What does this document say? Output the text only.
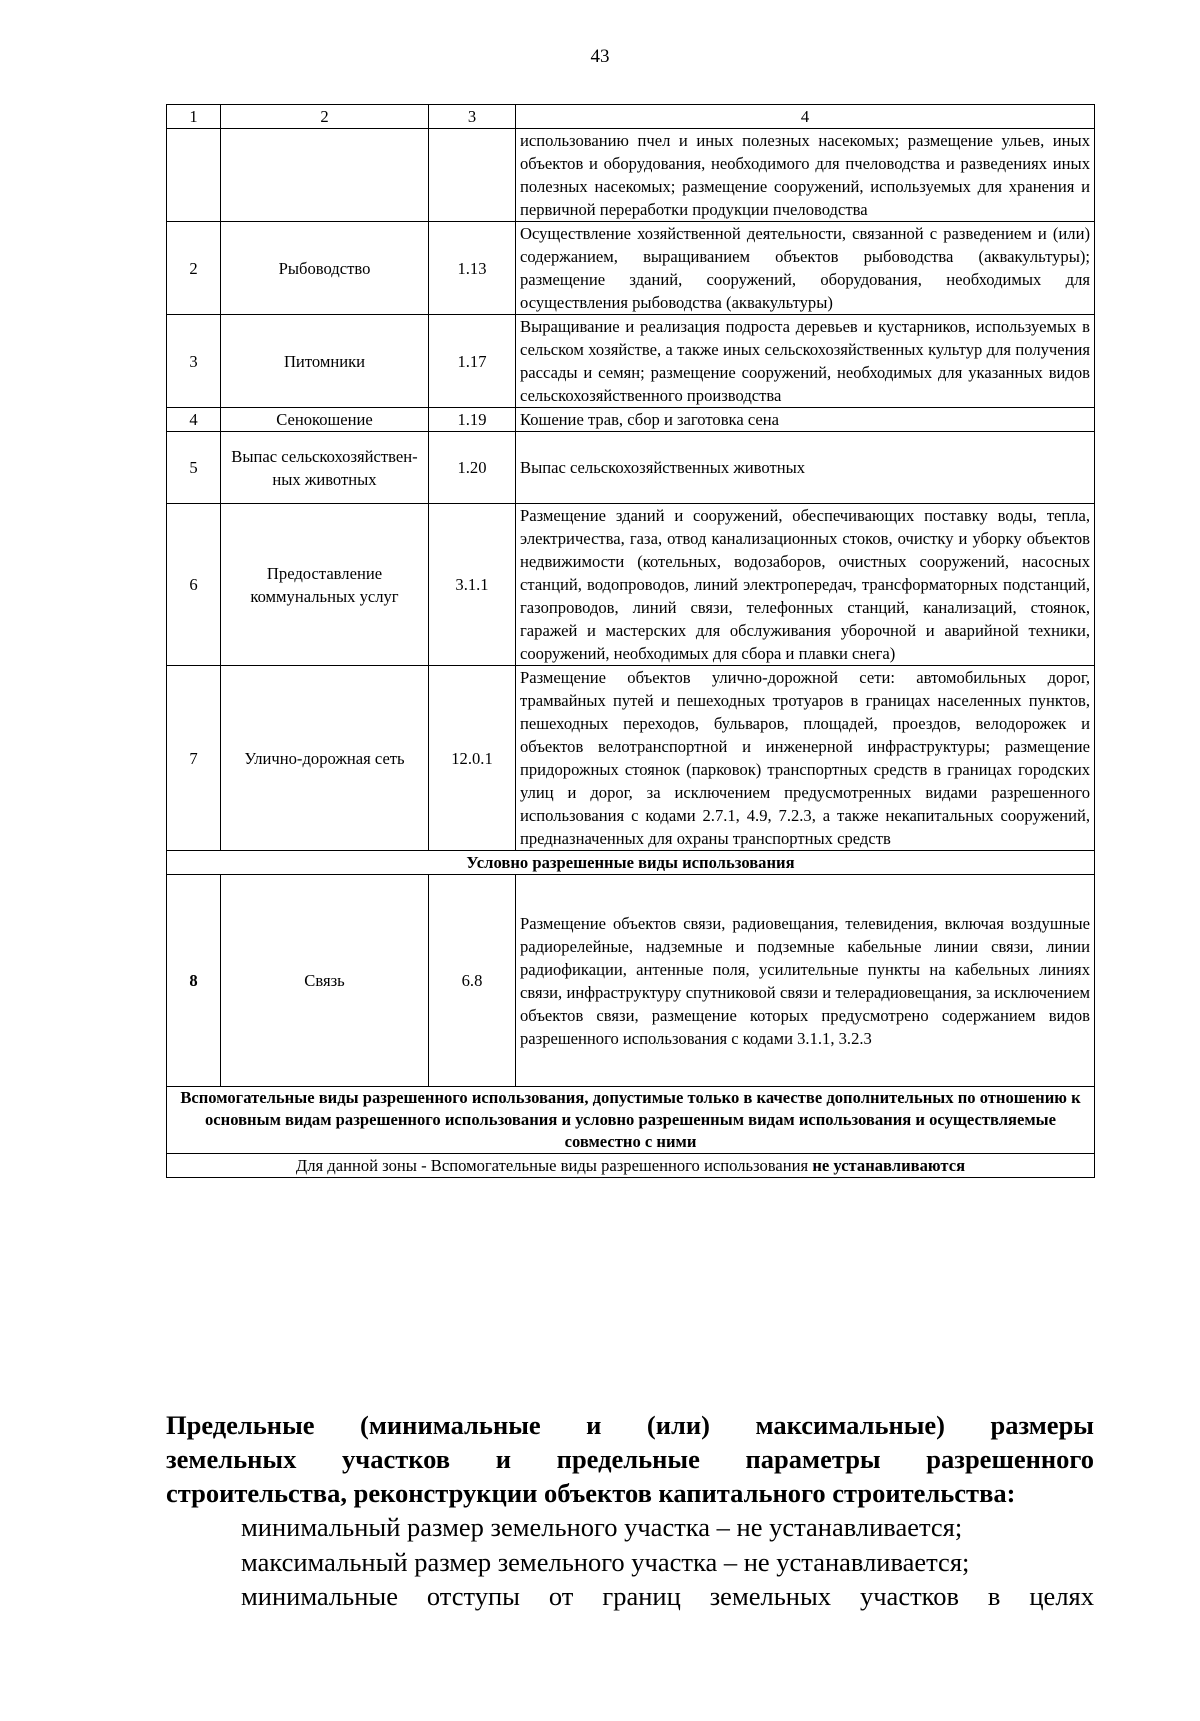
43
1	2	3	4
			использованию пчел и иных полезных насекомых; размещение ульев, иных объектов и оборудования, необходимого для пчеловодства и разведениях иных полезных насекомых; размещение сооружений, используемых для хранения и первичной переработки продукции пчеловодства
2	Рыбоводство	1.13	Осуществление хозяйственной деятельности, связанной с разведением и (или) содержанием, выращиванием объектов рыбоводства (аквакультуры); размещение зданий, сооружений, оборудования, необходимых для осуществления рыбоводства (аквакультуры)
3	Питомники	1.17	Выращивание и реализация подроста деревьев и кустарников, используемых в сельском хозяйстве, а также иных сельскохозяйственных культур для получения рассады и семян; размещение сооружений, необходимых для указанных видов сельскохозяйственного производства
4	Сенокошение	1.19	Кошение трав, сбор и заготовка сена
5	Выпас сельскохозяйствен-ных животных	1.20	Выпас сельскохозяйственных животных
6	Предоставление коммунальных услуг	3.1.1	Размещение зданий и сооружений, обеспечивающих поставку воды, тепла, электричества, газа, отвод канализационных стоков, очистку и уборку объектов недвижимости (котельных, водозаборов, очистных сооружений, насосных станций, водопроводов, линий электропередач, трансформаторных подстанций, газопроводов, линий связи, телефонных станций, канализаций, стоянок, гаражей и мастерских для обслуживания уборочной и аварийной техники, сооружений, необходимых для сбора и плавки снега)
7	Улично-дорожная сеть	12.0.1	Размещение объектов улично-дорожной сети: автомобильных дорог, трамвайных путей и пешеходных тротуаров в границах населенных пунктов, пешеходных переходов, бульваров, площадей, проездов, велодорожек и объектов велотранспортной и инженерной инфраструктуры; размещение придорожных стоянок (парковок) транспортных средств в границах городских улиц и дорог, за исключением предусмотренных видами разрешенного использования с кодами 2.7.1, 4.9, 7.2.3, а также некапитальных сооружений, предназначенных для охраны транспортных средств
Условно разрешенные виды использования			
8	Связь	6.8	Размещение объектов связи, радиовещания, телевидения, включая воздушные радиорелейные, надземные и подземные кабельные линии связи, линии радиофикации, антенные поля, усилительные пункты на кабельных линиях связи, инфраструктуру спутниковой связи и телерадиовещания, за исключением объектов связи, размещение которых предусмотрено содержанием видов разрешенного использования с кодами 3.1.1, 3.2.3
Вспомогательные виды разрешенного использования, допустимые только в качестве дополнительных по отношению к основным видам разрешенного использования и условно разрешенным видам использования и осуществляемые совместно с ними			
Для данной зоны - Вспомогательные виды разрешенного использования не устанавливаются			
Предельные (минимальные и (или) максимальные) размеры
земельных участков и предельные параметры разрешенного
строительства, реконструкции объектов капитального строительства:
минимальный размер земельного участка – не устанавливается;
максимальный размер земельного участка – не устанавливается;
минимальные отступы от границ земельных участков в целях
